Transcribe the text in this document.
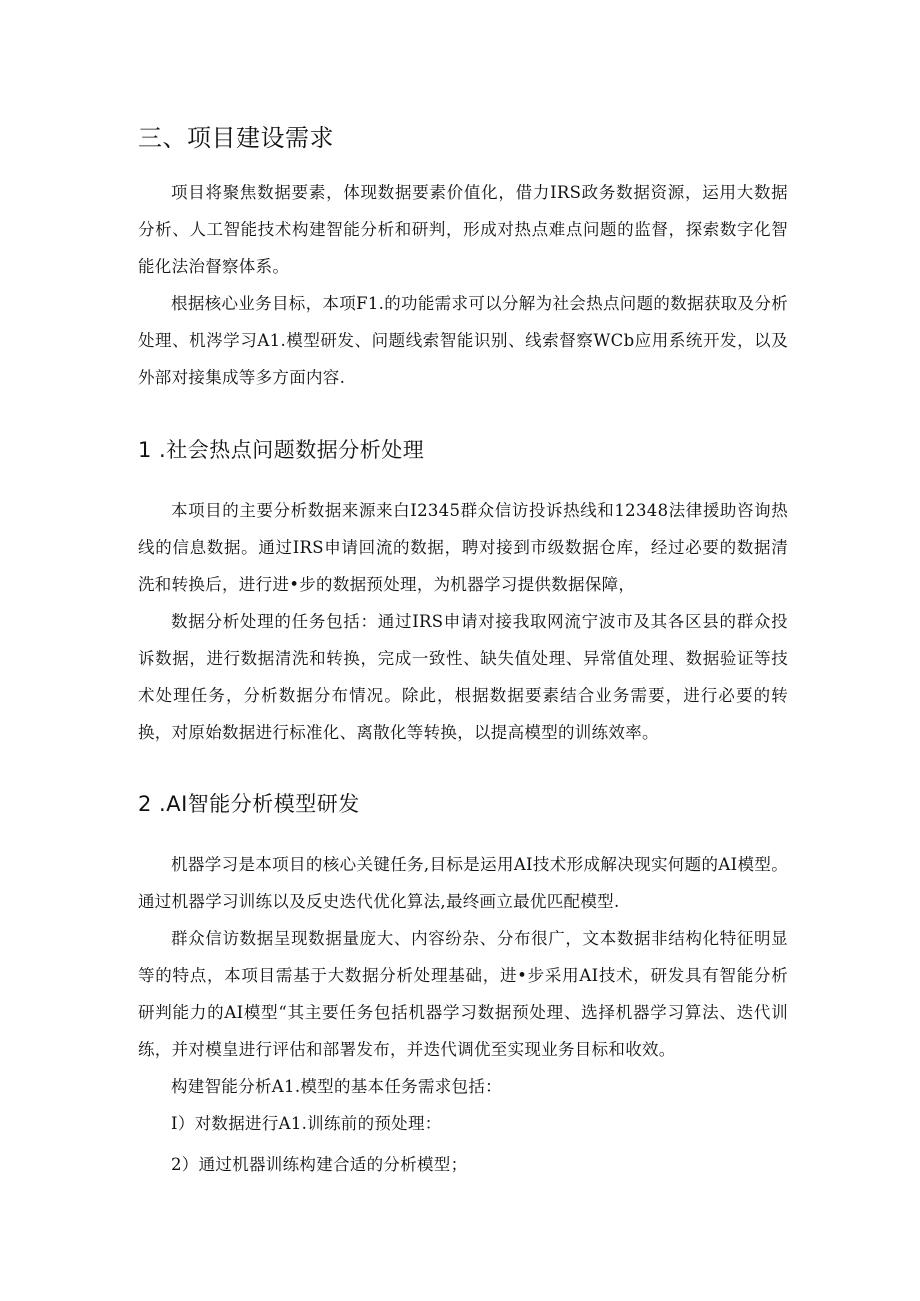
三、项目建设需求

项目将聚焦数据要素，体现数据要素价值化，借力IRS政务数据资源，运用大数据分析、人工智能技术构建智能分析和研判，形成对热点难点问题的监督，探索数字化智能化法治督察体系。

根据核心业务目标，本项F1.的功能需求可以分解为社会热点问题的数据获取及分析处理、机涔学习A1.模型研发、问题线索智能识别、线索督察WCb应用系统开发，以及外部对接集成等多方面内容.

1 .社会热点问题数据分析处理

本项目的主要分析数据来源来白I2345群众信访投诉热线和12348法律援助咨询热线的信息数据。通过IRS申请回流的数据，聘对接到市级数据仓库，经过必要的数据清洗和转换后，进行进•步的数据预处理，为机器学习提供数据保障，

数据分析处理的任务包括：通过IRS申请对接我取网流宁波市及其各区县的群众投诉数据，进行数据清洗和转换，完成一致性、缺失值处理、异常值处理、数据验证等技术处理任务，分析数据分布情况。除此，根据数据要素结合业务需要，进行必要的转换，对原始数据进行标准化、离散化等转换，以提高模型的训练效率。

2 .AI智能分析模型研发

机器学习是本项目的核心关键任务,目标是运用AI技术形成解决现实何题的AI模型。通过机器学习训练以及反史迭代优化算法,最终画立最优匹配模型.

群众信访数据呈现数据量庞大、内容纷杂、分布很广，文本数据非结构化特征明显等的特点，本项目需基于大数据分析处理基础，进•步采用AI技术，研发具有智能分析研判能力的AI模型“其主要任务包括机器学习数据预处理、选择机器学习算法、迭代训练，并对模皇进行评估和部署发布，并迭代调优至实现业务目标和收效。

构建智能分析A1.模型的基本任务需求包括：

I）对数据进行A1.训练前的预处理：

2）通过机器训练构建合适的分析模型；
